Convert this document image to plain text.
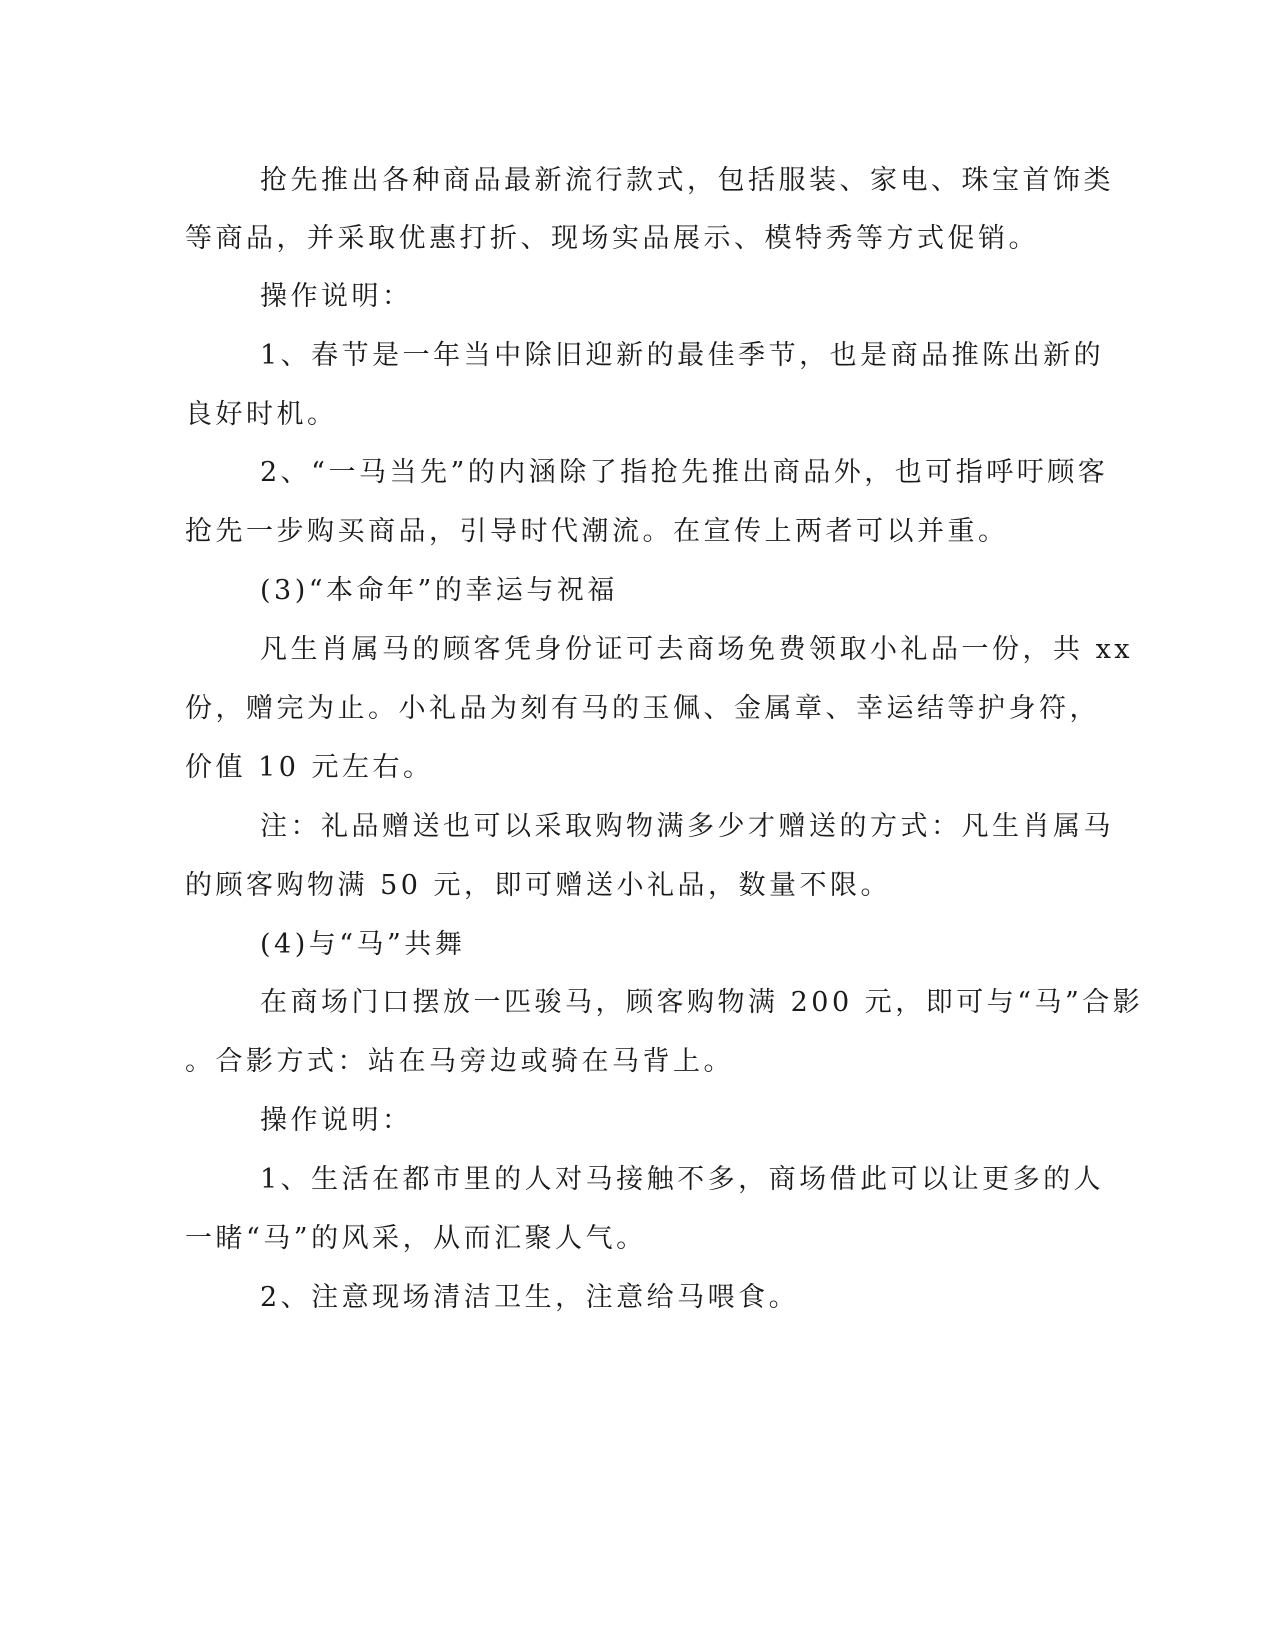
抢先推出各种商品最新流行款式，包括服装、家电、珠宝首饰类
等商品，并采取优惠打折、现场实品展示、模特秀等方式促销。
操作说明：
1、春节是一年当中除旧迎新的最佳季节，也是商品推陈出新的
良好时机。
2、“一马当先”的内涵除了指抢先推出商品外，也可指呼吁顾客
抢先一步购买商品，引导时代潮流。在宣传上两者可以并重。
(3)“本命年”的幸运与祝福
凡生肖属马的顾客凭身份证可去商场免费领取小礼品一份，共 xx
份，赠完为止。小礼品为刻有马的玉佩、金属章、幸运结等护身符，
价值 10 元左右。
注：礼品赠送也可以采取购物满多少才赠送的方式：凡生肖属马
的顾客购物满 50 元，即可赠送小礼品，数量不限。
(4)与“马”共舞
在商场门口摆放一匹骏马，顾客购物满 200 元，即可与“马”合影
。合影方式：站在马旁边或骑在马背上。
操作说明：
1、生活在都市里的人对马接触不多，商场借此可以让更多的人
一睹“马”的风采，从而汇聚人气。
2、注意现场清洁卫生，注意给马喂食。
